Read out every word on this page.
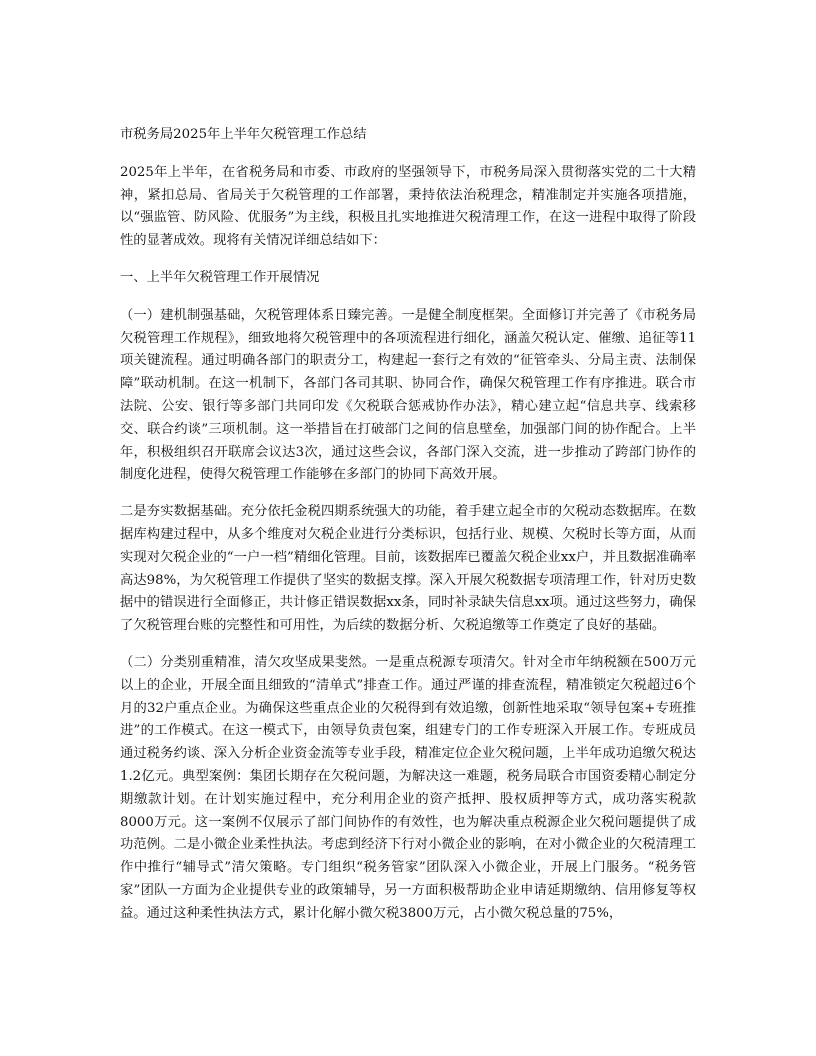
市税务局2025年上半年欠税管理工作总结

2025年上半年，在省税务局和市委、市政府的坚强领导下，市税务局深入贯彻落实党的二十大精神，紧扣总局、省局关于欠税管理的工作部署，秉持依法治税理念，精准制定并实施各项措施，以“强监管、防风险、优服务”为主线，积极且扎实地推进欠税清理工作，在这一进程中取得了阶段性的显著成效。现将有关情况详细总结如下：

一、上半年欠税管理工作开展情况

（一）建机制强基础，欠税管理体系日臻完善。一是健全制度框架。全面修订并完善了《市税务局欠税管理工作规程》，细致地将欠税管理中的各项流程进行细化，涵盖欠税认定、催缴、追征等11项关键流程。通过明确各部门的职责分工，构建起一套行之有效的“征管牵头、分局主责、法制保障”联动机制。在这一机制下，各部门各司其职、协同合作，确保欠税管理工作有序推进。联合市法院、公安、银行等多部门共同印发《欠税联合惩戒协作办法》，精心建立起“信息共享、线索移交、联合约谈”三项机制。这一举措旨在打破部门之间的信息壁垒，加强部门间的协作配合。上半年，积极组织召开联席会议达3次，通过这些会议，各部门深入交流，进一步推动了跨部门协作的制度化进程，使得欠税管理工作能够在多部门的协同下高效开展。

二是夯实数据基础。充分依托金税四期系统强大的功能，着手建立起全市的欠税动态数据库。在数据库构建过程中，从多个维度对欠税企业进行分类标识，包括行业、规模、欠税时长等方面，从而实现对欠税企业的“一户一档”精细化管理。目前，该数据库已覆盖欠税企业xx户，并且数据准确率高达98%，为欠税管理工作提供了坚实的数据支撑。深入开展欠税数据专项清理工作，针对历史数据中的错误进行全面修正，共计修正错误数据xx条，同时补录缺失信息xx项。通过这些努力，确保了欠税管理台账的完整性和可用性，为后续的数据分析、欠税追缴等工作奠定了良好的基础。

（二）分类别重精准，清欠攻坚成果斐然。一是重点税源专项清欠。针对全市年纳税额在500万元以上的企业，开展全面且细致的“清单式”排查工作。通过严谨的排查流程，精准锁定欠税超过6个月的32户重点企业。为确保这些重点企业的欠税得到有效追缴，创新性地采取“领导包案+专班推进”的工作模式。在这一模式下，由领导负责包案，组建专门的工作专班深入开展工作。专班成员通过税务约谈、深入分析企业资金流等专业手段，精准定位企业欠税问题，上半年成功追缴欠税达1.2亿元。典型案例：集团长期存在欠税问题，为解决这一难题，税务局联合市国资委精心制定分期缴款计划。在计划实施过程中，充分利用企业的资产抵押、股权质押等方式，成功落实税款8000万元。这一案例不仅展示了部门间协作的有效性，也为解决重点税源企业欠税问题提供了成功范例。二是小微企业柔性执法。考虑到经济下行对小微企业的影响，在对小微企业的欠税清理工作中推行“辅导式”清欠策略。专门组织“税务管家”团队深入小微企业，开展上门服务。“税务管家”团队一方面为企业提供专业的政策辅导，另一方面积极帮助企业申请延期缴纳、信用修复等权益。通过这种柔性执法方式，累计化解小微欠税3800万元，占小微欠税总量的75%，
